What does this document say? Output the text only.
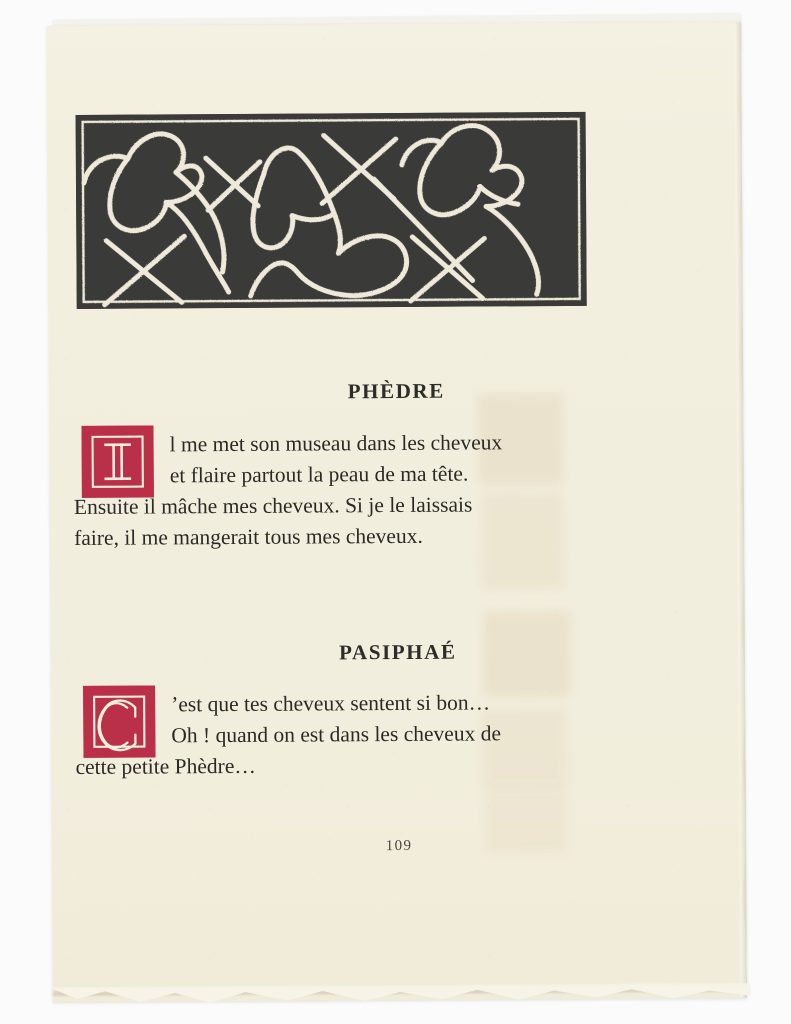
PHÈDRE
l me met son museau dans les cheveux
et flaire partout la peau de ma tête.
Ensuite il mâche mes cheveux. Si je le laissais
faire, il me mangerait tous mes cheveux.
PASIPHAÉ
’est que tes cheveux sentent si bon…
Oh ! quand on est dans les cheveux de
cette petite Phèdre…
109
